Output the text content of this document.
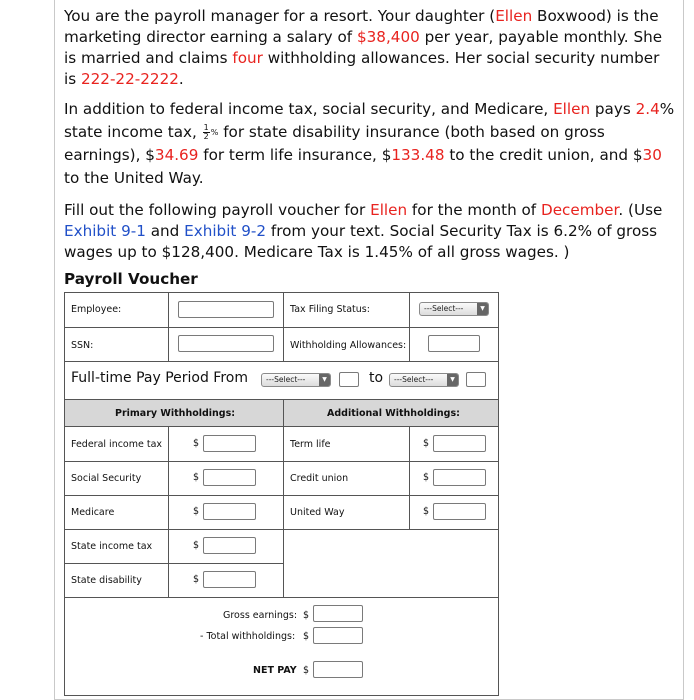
You are the payroll manager for a resort. Your daughter (Ellen Boxwood) is the marketing director earning a salary of $38,400 per year, payable monthly. She is married and claims four withholding allowances. Her social security number is 222-22-2222.
In addition to federal income tax, social security, and Medicare, Ellen pays 2.4% state income tax, $\frac{1}{2}$ % for state disability insurance (both based on gross earnings), $34.69 for term life insurance, $133.48 to the credit union, and $30 to the United Way.
Fill out the following payroll voucher for Ellen for the month of December. (Use Exhibit 9-1 and Exhibit 9-2 from your text. Social Security Tax is 6.2% of gross wages up to $128,400. Medicare Tax is 1.45% of all gross wages. )
Payroll Voucher
Employee:	Tax Filing Status:	---Select---	▼
SSN:	Withholding Allowances:
Full-time Pay Period From	---Select---	▼	to	---Select---	▼
Primary Withholdings:	Additional Withholdings:
Federal income tax	$	Term life	$
Social Security	$	Credit union	$
Medicare	$	United Way	$
State income tax	$
State disability	$
Gross earnings: $
- Total withholdings: $
NET PAY $
